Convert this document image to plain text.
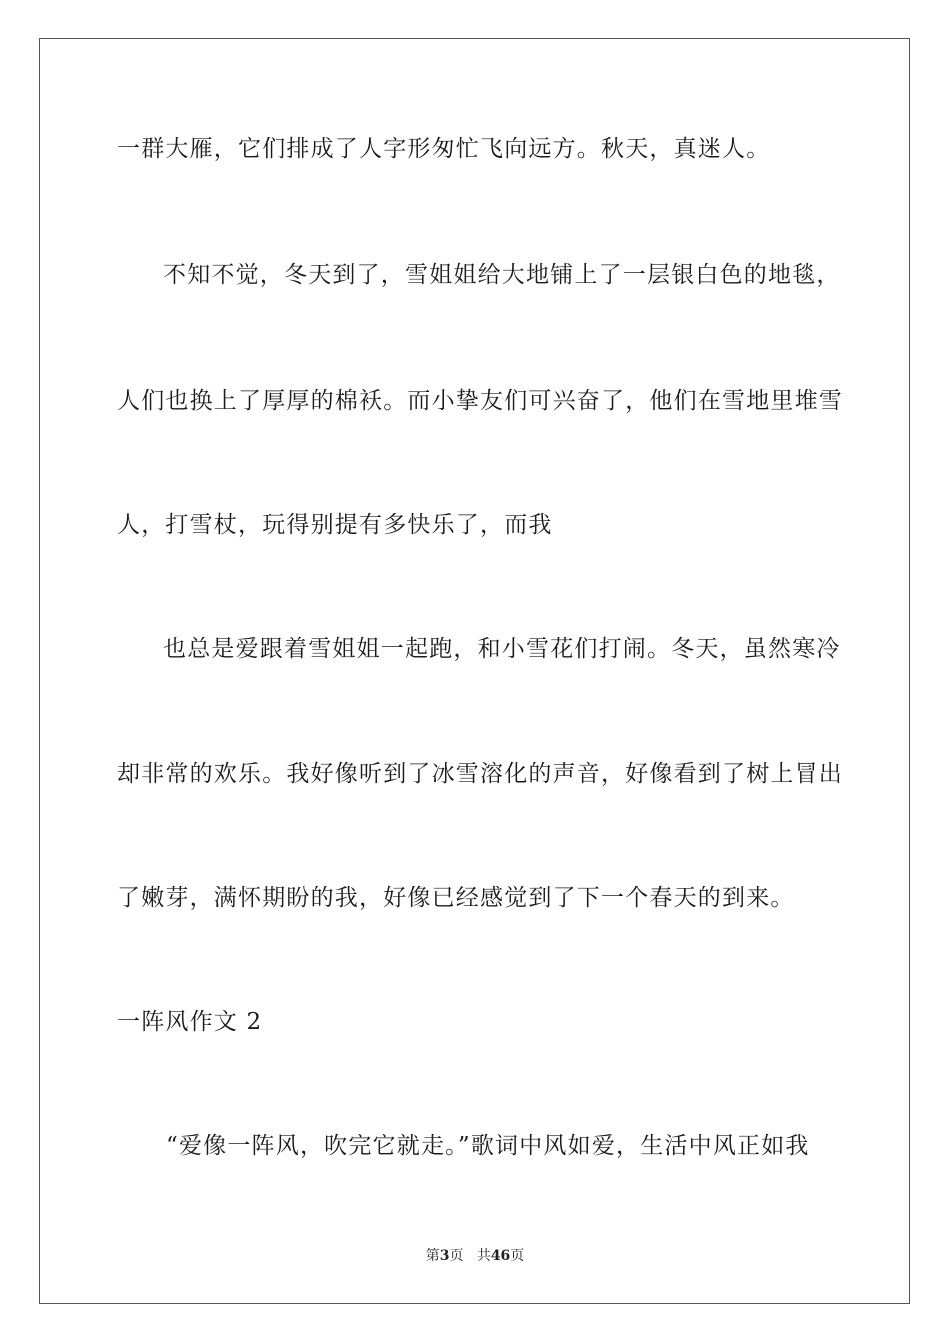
一群大雁，它们排成了人字形匆忙飞向远方。秋天，真迷人。
不知不觉，冬天到了，雪姐姐给大地铺上了一层银白色的地毯，
人们也换上了厚厚的棉袄。而小挚友们可兴奋了，他们在雪地里堆雪
人，打雪杖，玩得别提有多快乐了，而我
也总是爱跟着雪姐姐一起跑，和小雪花们打闹。冬天，虽然寒冷
却非常的欢乐。我好像听到了冰雪溶化的声音，好像看到了树上冒出
了嫩芽，满怀期盼的我，好像已经感觉到了下一个春天的到来。
一阵风作文 2
“爱像一阵风，吹完它就走。”歌词中风如爱，生活中风正如我
第3页 共46页
